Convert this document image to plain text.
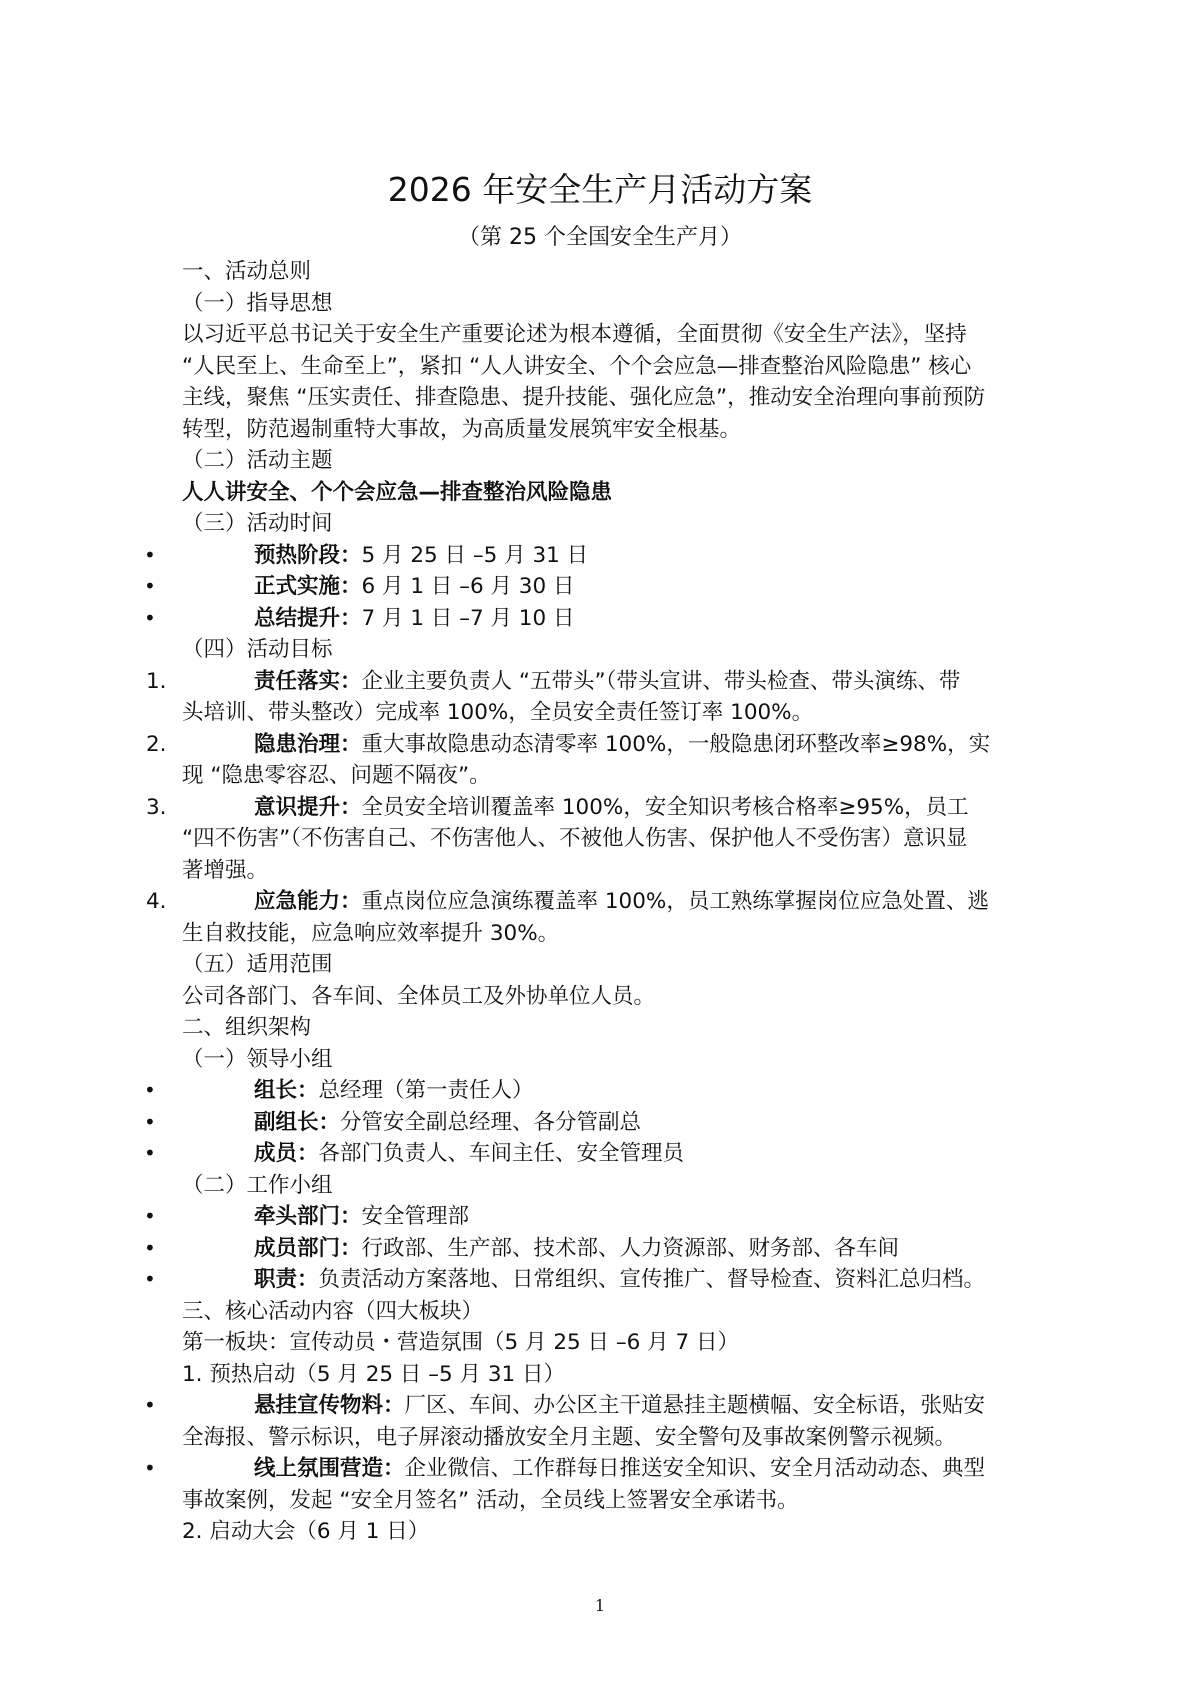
2026 年安全生产月活动方案
（第 25 个全国安全生产月）

一、活动总则

（一）指导思想

以习近平总书记关于安全生产重要论述为根本遵循，全面贯彻《安全生产法》，坚持
“人民至上、生命至上”，紧扣 “人人讲安全、个个会应急—排查整治风险隐患” 核心
主线，聚焦 “压实责任、排查隐患、提升技能、强化应急”，推动安全治理向事前预防
转型，防范遏制重特大事故，为高质量发展筑牢安全根基。

（二）活动主题

人人讲安全、个个会应急—排查整治风险隐患

（三）活动时间

•	预热阶段：5 月 25 日 –5 月 31 日
•	正式实施：6 月 1 日 –6 月 30 日
•	总结提升：7 月 1 日 –7 月 10 日

（四）活动目标

1.	责任落实：企业主要负责人 “五带头”（带头宣讲、带头检查、带头演练、带
头培训、带头整改）完成率 100%，全员安全责任签订率 100%。
2.	隐患治理：重大事故隐患动态清零率 100%，一般隐患闭环整改率≥98%，实
现 “隐患零容忍、问题不隔夜”。
3.	意识提升：全员安全培训覆盖率 100%，安全知识考核合格率≥95%，员工
“四不伤害”（不伤害自己、不伤害他人、不被他人伤害、保护他人不受伤害）意识显
著增强。
4.	应急能力：重点岗位应急演练覆盖率 100%，员工熟练掌握岗位应急处置、逃
生自救技能，应急响应效率提升 30%。

（五）适用范围

公司各部门、各车间、全体员工及外协单位人员。

二、组织架构

（一）领导小组

•	组长：总经理（第一责任人）
•	副组长：分管安全副总经理、各分管副总
•	成员：各部门负责人、车间主任、安全管理员

（二）工作小组

•	牵头部门：安全管理部
•	成员部门：行政部、生产部、技术部、人力资源部、财务部、各车间
•	职责：负责活动方案落地、日常组织、宣传推广、督导检查、资料汇总归档。

三、核心活动内容（四大板块）

第一板块：宣传动员・营造氛围（5 月 25 日 –6 月 7 日）

1. 预热启动（5 月 25 日 –5 月 31 日）

•	悬挂宣传物料：厂区、车间、办公区主干道悬挂主题横幅、安全标语，张贴安
全海报、警示标识，电子屏滚动播放安全月主题、安全警句及事故案例警示视频。
•	线上氛围营造：企业微信、工作群每日推送安全知识、安全月活动动态、典型
事故案例，发起 “安全月签名” 活动，全员线上签署安全承诺书。

2. 启动大会（6 月 1 日）

1
